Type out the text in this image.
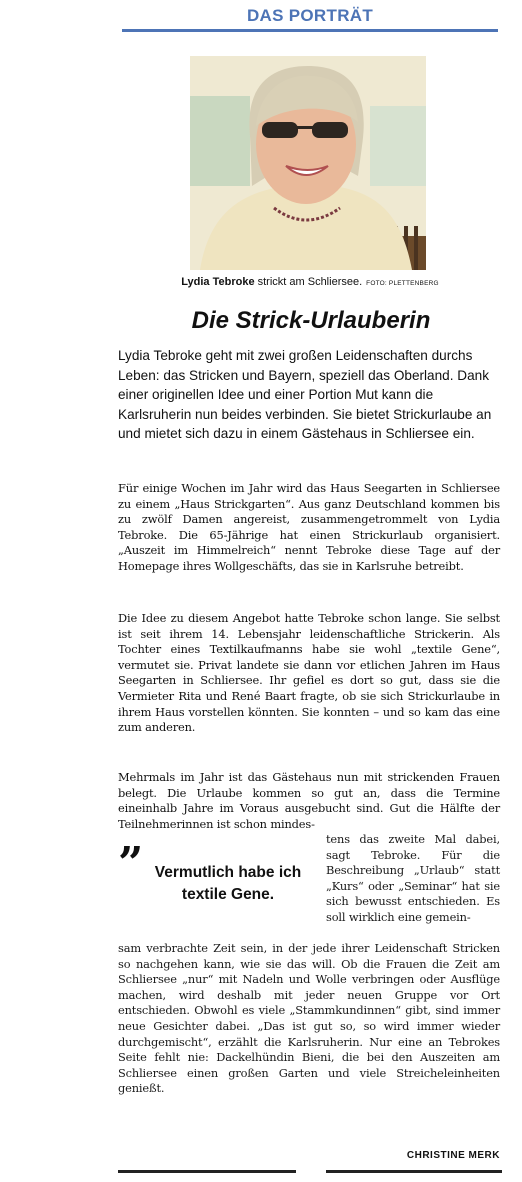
DAS PORTRÄT
Lydia Tebroke strickt am Schliersee. FOTO: PLETTENBERG
Die Strick-Urlauberin

Lydia Tebroke geht mit zwei großen Leidenschaften durchs Leben: das Stricken und Bayern, speziell das Oberland. Dank einer originellen Idee und einer Portion Mut kann die Karlsruherin nun beides verbinden. Sie bietet Strickurlaube an und mietet sich dazu in einem Gästehaus in Schliersee ein.

Für einige Wochen im Jahr wird das Haus Seegarten in Schliersee zu einem „Haus Strickgarten“. Aus ganz Deutschland kommen bis zu zwölf Damen angereist, zusammengetrommelt von Lydia Tebroke. Die 65-Jährige hat einen Strickurlaub organisiert. „Auszeit im Himmelreich“ nennt Tebroke diese Tage auf der Homepage ihres Wollgeschäfts, das sie in Karlsruhe betreibt.

Die Idee zu diesem Angebot hatte Tebroke schon lange. Sie selbst ist seit ihrem 14. Lebensjahr leidenschaftliche Strickerin. Als Tochter eines Textilkaufmanns habe sie wohl „textile Gene“, vermutet sie. Privat landete sie dann vor etlichen Jahren im Haus Seegarten in Schliersee. Ihr gefiel es dort so gut, dass sie die Vermieter Rita und René Baart fragte, ob sie sich Strickurlaube in ihrem Haus vorstellen könnten. Sie konnten – und so kam das eine zum anderen.

Mehrmals im Jahr ist das Gästehaus nun mit strickenden Frauen belegt. Die Urlaube kommen so gut an, dass die Termine eineinhalb Jahre im Voraus ausgebucht sind. Gut die Hälfte der Teilnehmerinnen ist schon mindes-

” Vermutlich habe ich textile Gene.

tens das zweite Mal dabei, sagt Tebroke. Für die Beschreibung „Urlaub“ statt „Kurs“ oder „Seminar“ hat sie sich bewusst entschieden. Es soll wirklich eine gemein-

sam verbrachte Zeit sein, in der jede ihrer Leidenschaft Stricken so nachgehen kann, wie sie das will. Ob die Frauen die Zeit am Schliersee „nur“ mit Nadeln und Wolle verbringen oder Ausflüge machen, wird deshalb mit jeder neuen Gruppe vor Ort entschieden. Obwohl es viele „Stammkundinnen“ gibt, sind immer neue Gesichter dabei. „Das ist gut so, so wird immer wieder durchgemischt“, erzählt die Karlsruherin. Nur eine an Tebrokes Seite fehlt nie: Dackelhündin Bieni, die bei den Auszeiten am Schliersee einen großen Garten und viele Streicheleinheiten genießt.

CHRISTINE MERK
